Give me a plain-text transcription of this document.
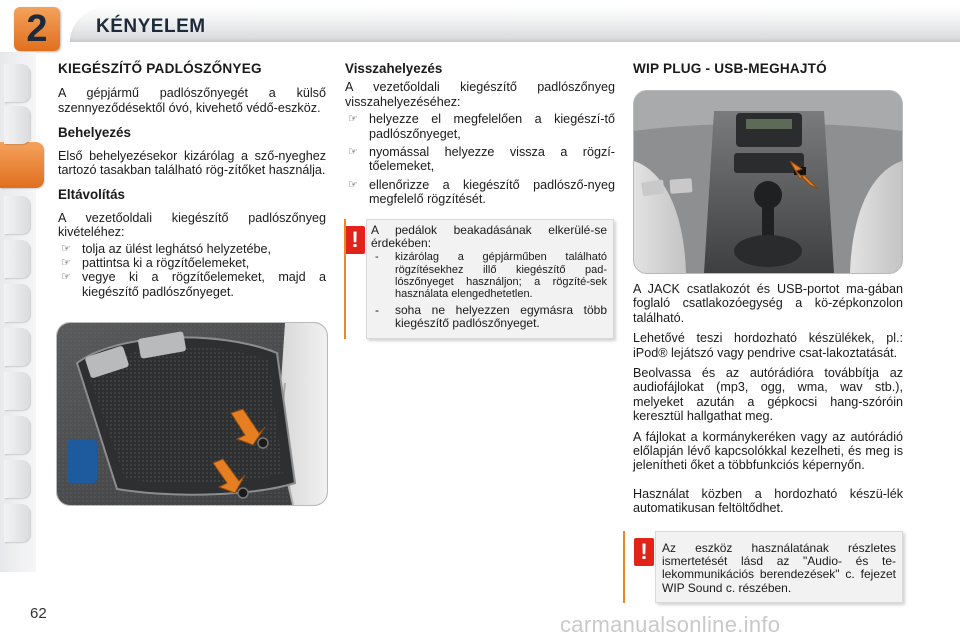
2	KÉNYELEM
KIEGÉSZÍTŐ PADLÓSZŐNYEG

A gépjármű padlószőnyegét a külső szennyeződésektől óvó, kivehető védő-eszköz.

Behelyezés

Első behelyezésekor kizárólag a sző-nyeghez tartozó tasakban található rög-zítőket használja.

Eltávolítás

A vezetőoldali kiegészítő padlószőnyeg kivételéhez:

☞ tolja az ülést leghátsó helyzetébe,

☞ pattintsa ki a rögzítőelemeket,

☞ vegye ki a rögzítőelemeket, majd a kiegészítő padlószőnyeget.

Visszahelyezés

A vezetőoldali kiegészítő padlószőnyeg visszahelyezéséhez:

☞ helyezze el megfelelően a kiegészí-tő padlószőnyeget,

☞ nyomással helyezze vissza a rögzí-tőelemeket,

☞ ellenőrizze a kiegészítő padlósző-nyeg megfelelő rögzítését.

!	A pedálok beakadásának elkerülé-se érdekében:

- kizárólag a gépjárműben található rögzítésekhez illő kiegészítő pad-lószőnyeget használjon; a rögzíté-sek használata elengedhetetlen.

- soha ne helyezzen egymásra több kiegészítő padlószőnyeget.

WIP PLUG - USB-MEGHAJTÓ

A JACK csatlakozót és USB-portot ma-gában foglaló csatlakozóegység a kö-zépkonzolon található.

Lehetővé teszi hordozható készülékek, pl.: iPod® lejátszó vagy pendrive csat-lakoztatását.

Beolvassa és az autórádióra továbbítja az audiofájlokat (mp3, ogg, wma, wav stb.), melyeket azután a gépkocsi hang-szóróin keresztül hallgathat meg.

A fájlokat a kormánykeréken vagy az autórádió előlapján lévő kapcsolókkal kezelheti, és meg is jelenítheti őket a többfunkciós képernyőn.

Használat közben a hordozható készü-lék automatikusan feltöltődhet.

!	Az eszköz használatának részletes ismertetését lásd az "Audio- és te-lekommunikációs berendezések" c. fejezet WIP Sound c. részében.

62	carmanualsonline.info
